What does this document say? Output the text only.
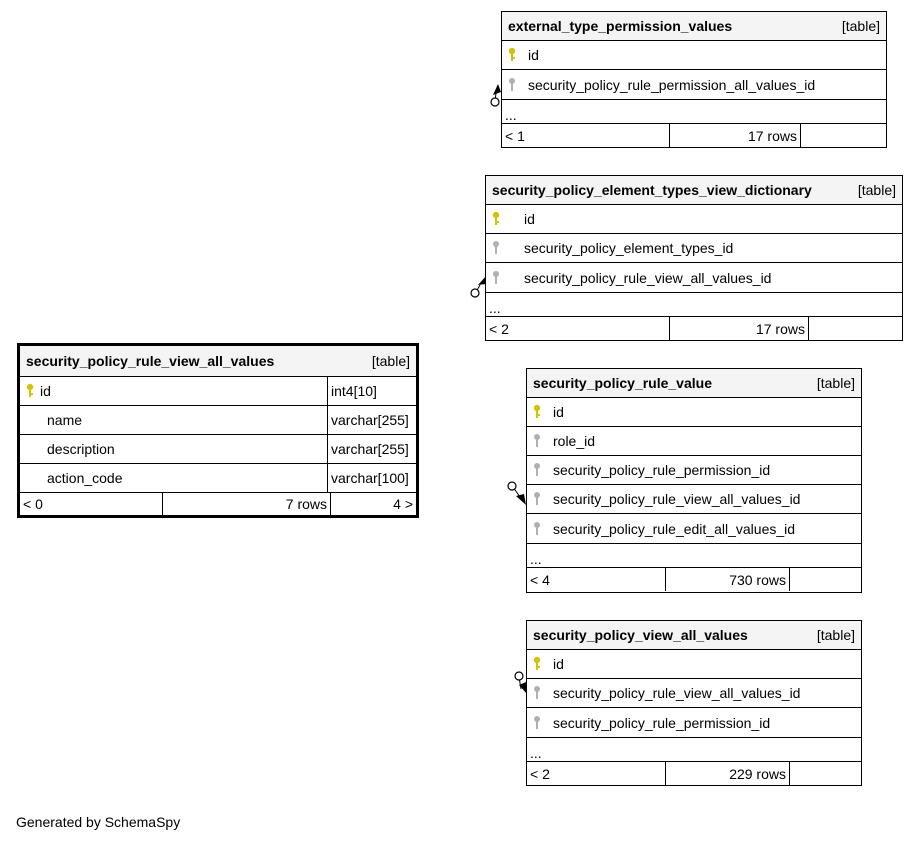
security_policy_rule_view_all_values	[table]
id	int4[10]
name	varchar[255]
description	varchar[255]
action_code	varchar[100]
< 0	7 rows	4 >
external_type_permission_values	[table]
id
security_policy_rule_permission_all_values_id
...
< 1	17 rows
security_policy_element_types_view_dictionary	[table]
id
security_policy_element_types_id
security_policy_rule_view_all_values_id
...
< 2	17 rows
security_policy_rule_value	[table]
id
role_id
security_policy_rule_permission_id
security_policy_rule_view_all_values_id
security_policy_rule_edit_all_values_id
...
< 4	730 rows
security_policy_view_all_values	[table]
id
security_policy_rule_view_all_values_id
security_policy_rule_permission_id
...
< 2	229 rows
Generated by SchemaSpy
